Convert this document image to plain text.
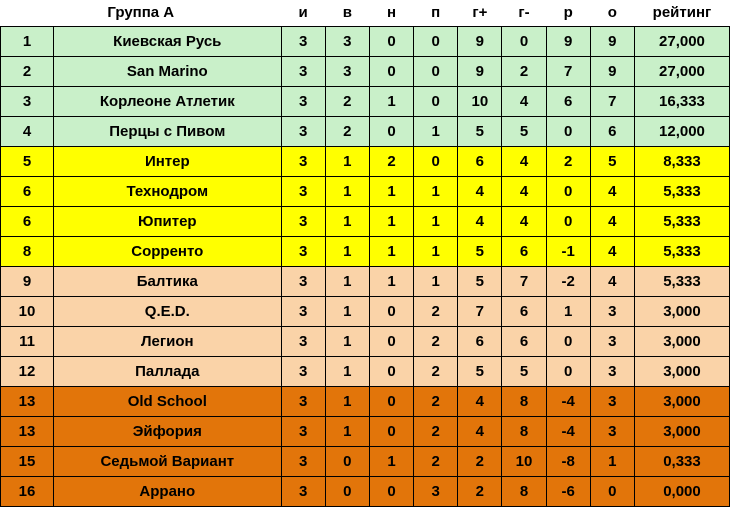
Группа А		и	в	н	п	г+	г-	р	о	рейтинг
1	Киевская Русь	3	3	0	0	9	0	9	9	27,000
2	San Marino	3	3	0	0	9	2	7	9	27,000
3	Корлеоне Атлетик	3	2	1	0	10	4	6	7	16,333
4	Перцы с Пивом	3	2	0	1	5	5	0	6	12,000
5	Интер	3	1	2	0	6	4	2	5	8,333
6	Технодром	3	1	1	1	4	4	0	4	5,333
6	Юпитер	3	1	1	1	4	4	0	4	5,333
8	Сорренто	3	1	1	1	5	6	-1	4	5,333
9	Балтика	3	1	1	1	5	7	-2	4	5,333
10	Q.E.D.	3	1	0	2	7	6	1	3	3,000
11	Легион	3	1	0	2	6	6	0	3	3,000
12	Паллада	3	1	0	2	5	5	0	3	3,000
13	Old School	3	1	0	2	4	8	-4	3	3,000
13	Эйфория	3	1	0	2	4	8	-4	3	3,000
15	Седьмой Вариант	3	0	1	2	2	10	-8	1	0,333
16	Аррано	3	0	0	3	2	8	-6	0	0,000
